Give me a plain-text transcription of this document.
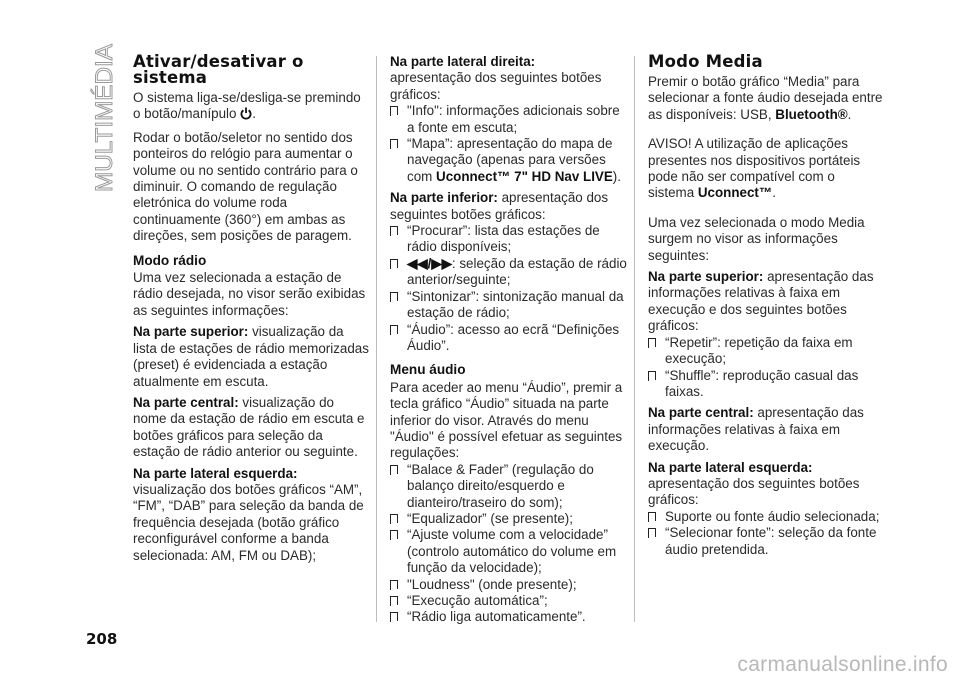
MULTIMÉDIA Ativar/desativar o sistema

O sistema liga-se/desliga-se premindo o botão/manípulo .

Rodar o botão/seletor no sentido dos ponteiros do relógio para aumentar o volume ou no sentido contrário para o diminuir. O comando de regulação eletrónica do volume roda continuamente (360°) em ambas as direções, sem posições de paragem.

Modo rádio

Uma vez selecionada a estação de rádio desejada, no visor serão exibidas as seguintes informações:

Na parte superior: visualização da lista de estações de rádio memorizadas (preset) é evidenciada a estação atualmente em escuta.

Na parte central: visualização do nome da estação de rádio em escuta e botões gráficos para seleção da estação de rádio anterior ou seguinte.

Na parte lateral esquerda:

visualização dos botões gráficos “AM”, “FM”, “DAB” para seleção da banda de frequência desejada (botão gráfico reconfigurável conforme a banda selecionada: AM, FM ou DAB);

Na parte lateral direita:

apresentação dos seguintes botões gráficos:

"Info": informações adicionais sobre a fonte em escuta;
“Mapa”: apresentação do mapa de navegação (apenas para versões com Uconnect™ 7" HD Nav LIVE).

Na parte inferior: apresentação dos seguintes botões gráficos:

“Procurar”: lista das estações de rádio disponíveis;
◀◀/▶▶: seleção da estação de rádio anterior/seguinte;
“Sintonizar”: sintonização manual da estação de rádio;
“Áudio”: acesso ao ecrã “Definições Áudio”.
Menu áudio

Para aceder ao menu “Áudio”, premir a tecla gráfico “Áudio” situada na parte inferior do visor. Através do menu "Áudio" é possível efetuar as seguintes regulações:

“Balace & Fader” (regulação do balanço direito/esquerdo e dianteiro/traseiro do som);
“Equalizador” (se presente);
“Ajuste volume com a velocidade” (controlo automático do volume em função da velocidade);
"Loudness" (onde presente);
“Execução automática”;
“Rádio liga automaticamente”.
Modo Media

Premir o botão gráfico “Media” para selecionar a fonte áudio desejada entre as disponíveis: USB, Bluetooth®.

AVISO! A utilização de aplicações presentes nos dispositivos portáteis pode não ser compatível com o sistema Uconnect™.

Uma vez selecionada o modo Media surgem no visor as informações seguintes:

Na parte superior: apresentação das informações relativas à faixa em execução e dos seguintes botões gráficos:

“Repetir”: repetição da faixa em execução;
“Shuffle”: reprodução casual das faixas.

Na parte central: apresentação das informações relativas à faixa em execução.

Na parte lateral esquerda:

apresentação dos seguintes botões gráficos:

Suporte ou fonte áudio selecionada;
“Selecionar fonte”: seleção da fonte áudio pretendida.
208
carmanualsonline.info
